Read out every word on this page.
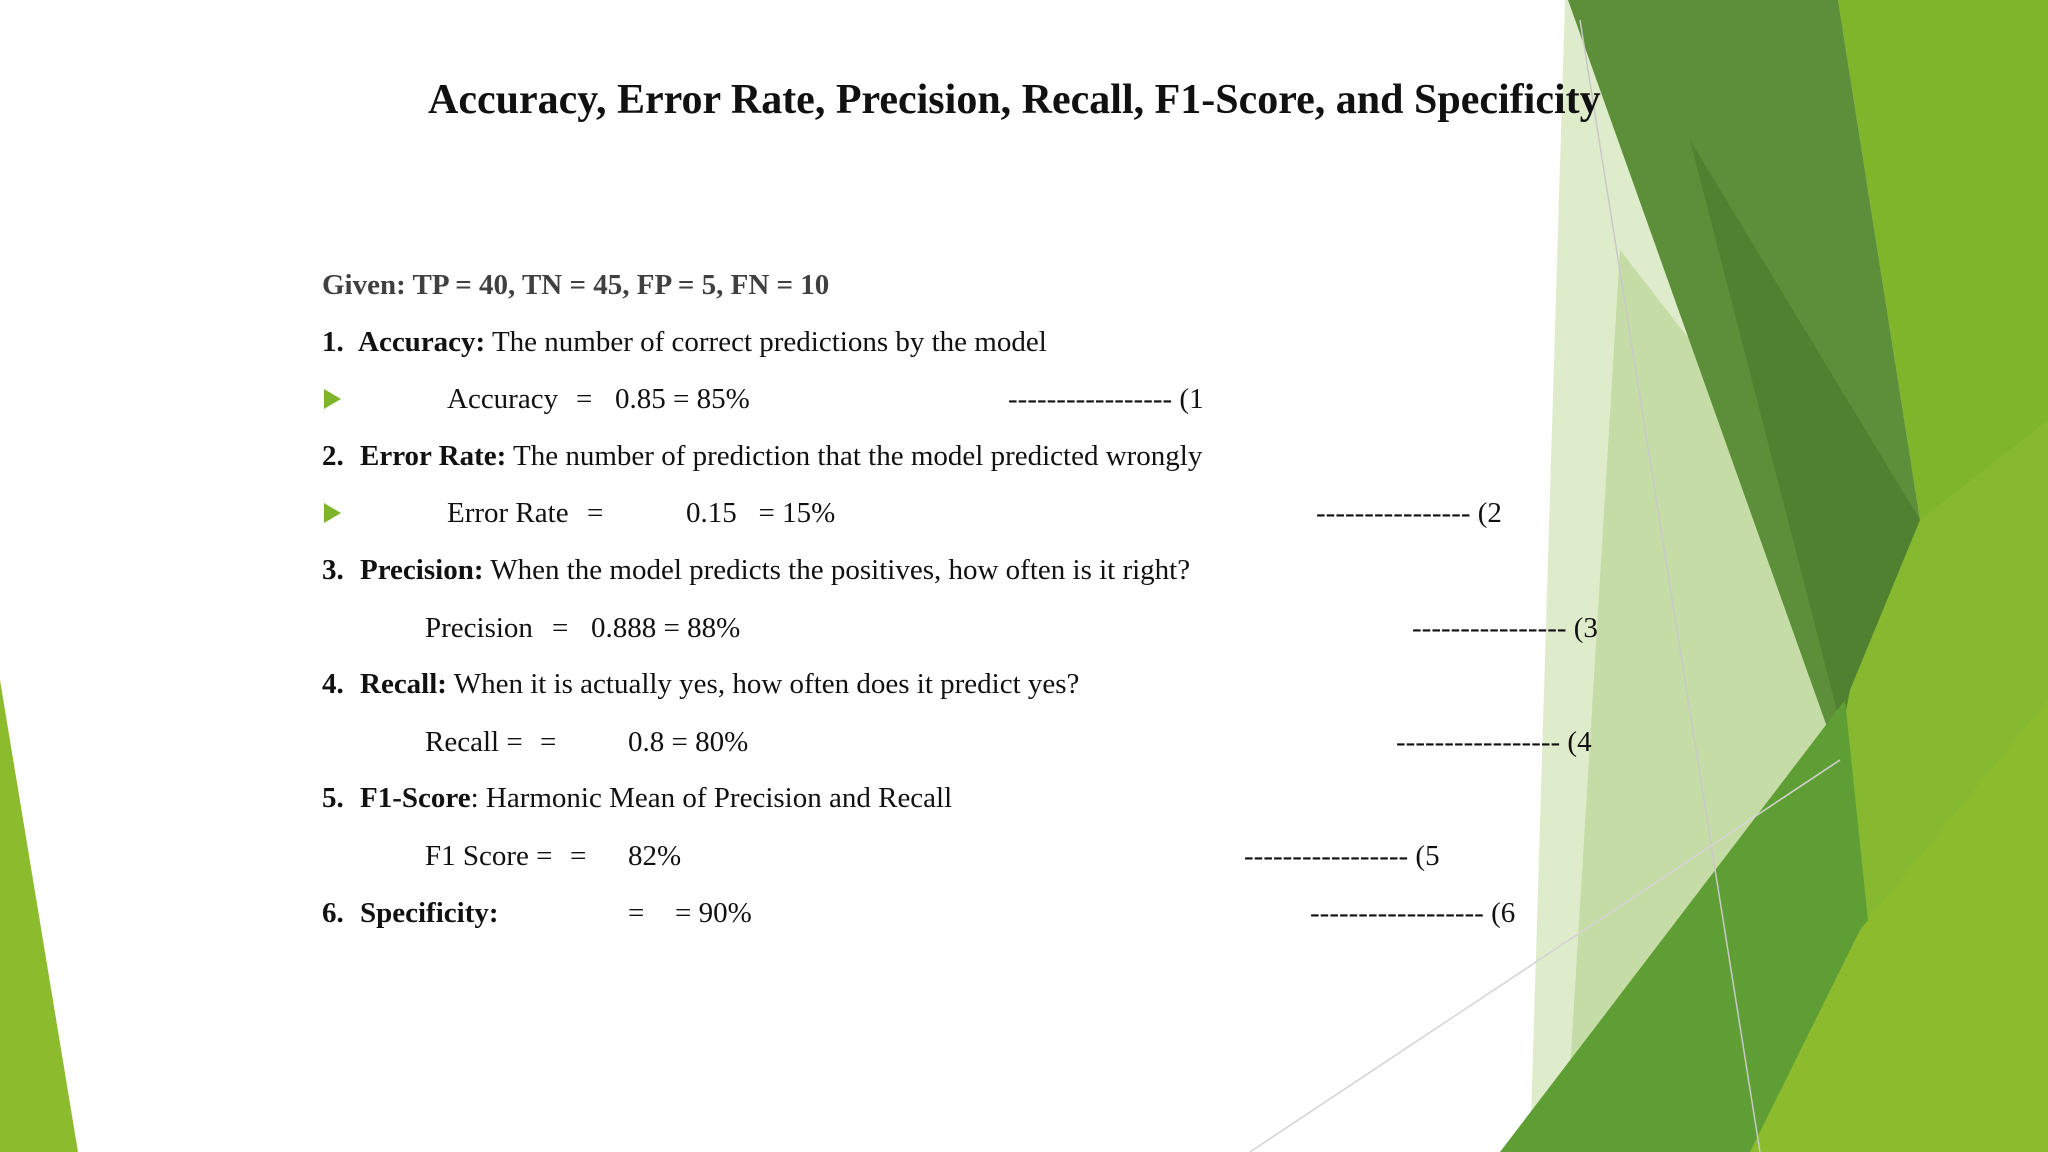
Accuracy, Error Rate, Precision, Recall, F1-Score, and Specificity
Given: TP = 40, TN = 45, FP = 5, FN = 10
1. Accuracy: The number of correct predictions by the model
Accuracy = 0.85 = 85%	----------------- (1
2. Error Rate: The number of prediction that the model predicted wrongly
Error Rate =	0.15   = 15%	---------------- (2
3. Precision: When the model predicts the positives, how often is it right?
Precision = 0.888 = 88%	---------------- (3
4. Recall: When it is actually yes, how often does it predict yes?
Recall = = 0.8 = 80%	----------------- (4
5. F1-Score: Harmonic Mean of Precision and Recall
F1 Score = = 82%	----------------- (5
6. Specificity:	= = 90%	------------------ (6
